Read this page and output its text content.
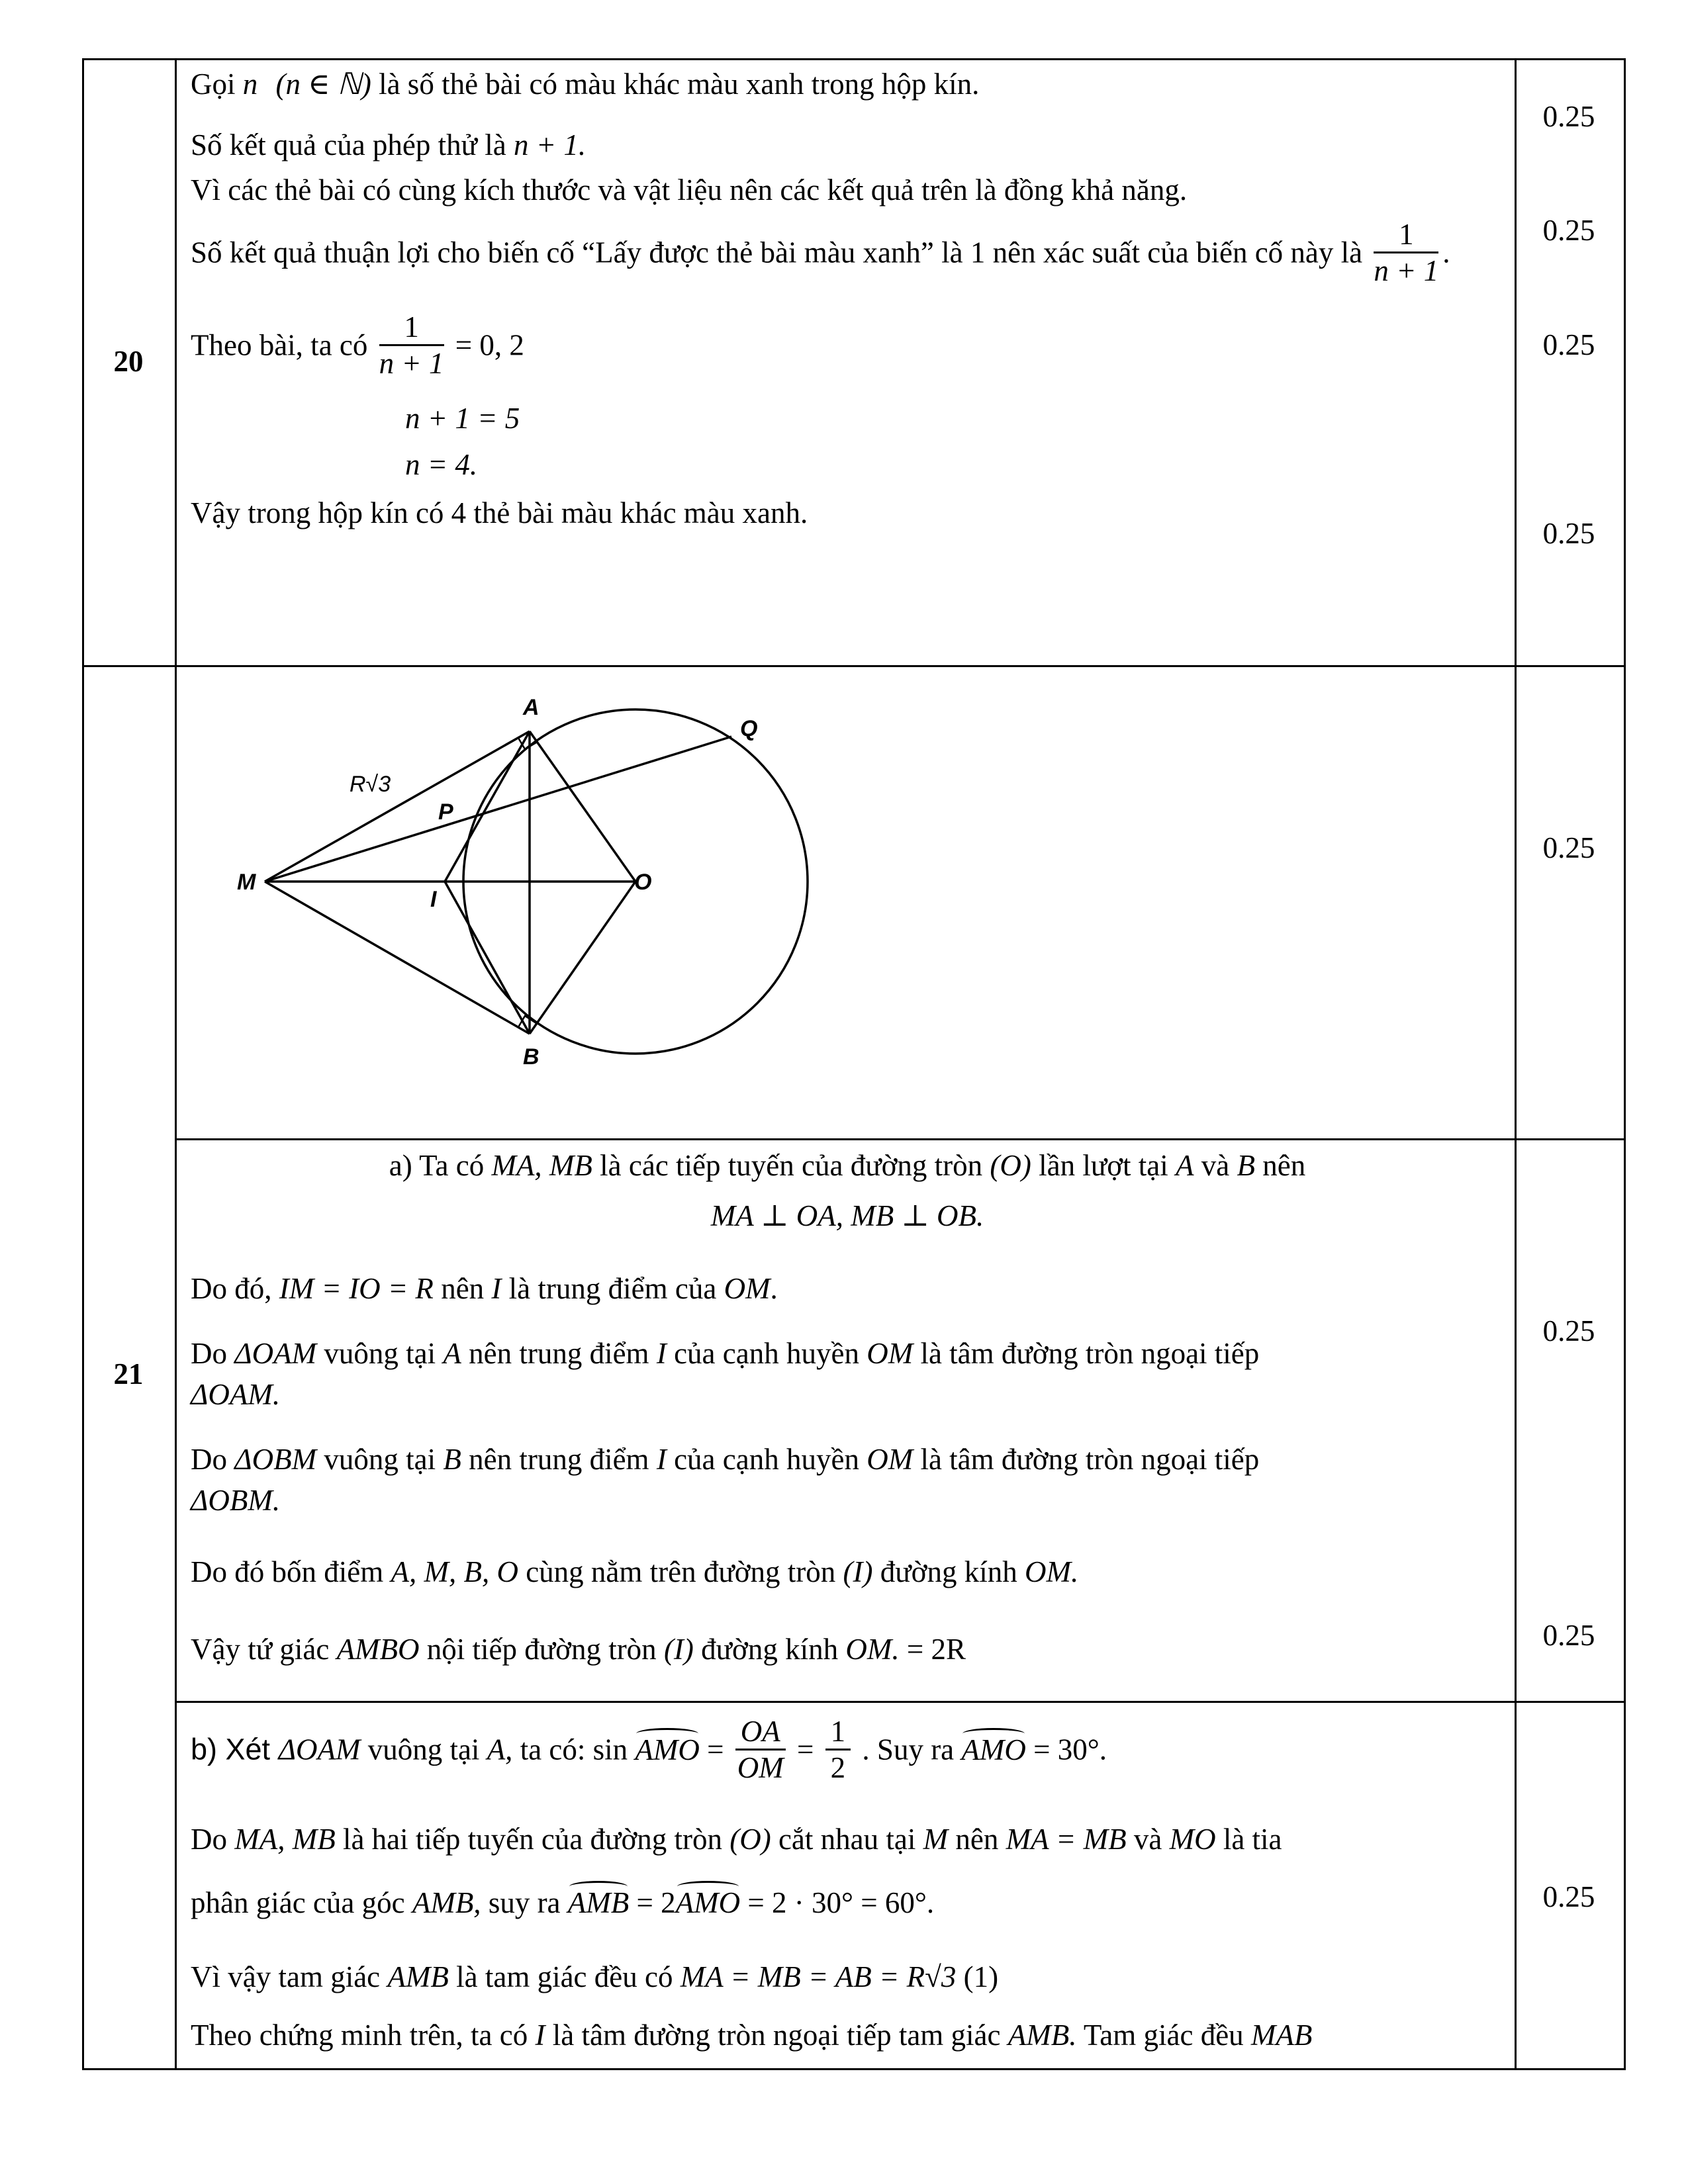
20
Gọi n (n ∈ ℕ) là số thẻ bài có màu khác màu xanh trong hộp kín.
Số kết quả của phép thử là n + 1.
Vì các thẻ bài có cùng kích thước và vật liệu nên các kết quả trên là đồng khả năng.
Số kết quả thuận lợi cho biến cố “Lấy được thẻ bài màu xanh” là 1 nên xác suất của biến cố này là $\frac{1}{n + 1}$ .
Theo bài, ta có $\frac{1}{n + 1} = 0$, 2
n + 1 = 5
n = 4.
Vậy trong hộp kín có 4 thẻ bài màu khác màu xanh.
0.25
0.25
0.25
0.25
21
A
B
M	O
I
P
Q
R√3
0.25
a) Ta có MA, MB là các tiếp tuyến của đường tròn (O) lần lượt tại A và B nên
MA ⊥ OA, MB ⊥ OB.
Do đó, IM = IO = R nên I là trung điểm của OM.
Do ΔOAM vuông tại A nên trung điểm I của cạnh huyền OM là tâm đường tròn ngoại tiếp
ΔOAM.
Do ΔOBM vuông tại B nên trung điểm I của cạnh huyền OM là tâm đường tròn ngoại tiếp
ΔOBM.
Do đó bốn điểm A, M, B, O cùng nằm trên đường tròn (I) đường kính OM.
Vậy tứ giác AMBO nội tiếp đường tròn (I) đường kính OM. = 2R
0.25
0.25
b) Xét ΔOAM vuông tại A, ta có: sin AMO = $\frac{OA}{OM} = \frac{1}{2}$ . Suy ra AMO = 30°.
Do MA, MB là hai tiếp tuyến của đường tròn (O) cắt nhau tại M nên MA = MB và MO là tia
phân giác của góc AMB, suy ra AMB = 2AMO = 2 · 30° = 60°.
Vì vậy tam giác AMB là tam giác đều có MA = MB = AB = R√3 (1)
Theo chứng minh trên, ta có I là tâm đường tròn ngoại tiếp tam giác AMB. Tam giác đều MAB
0.25
